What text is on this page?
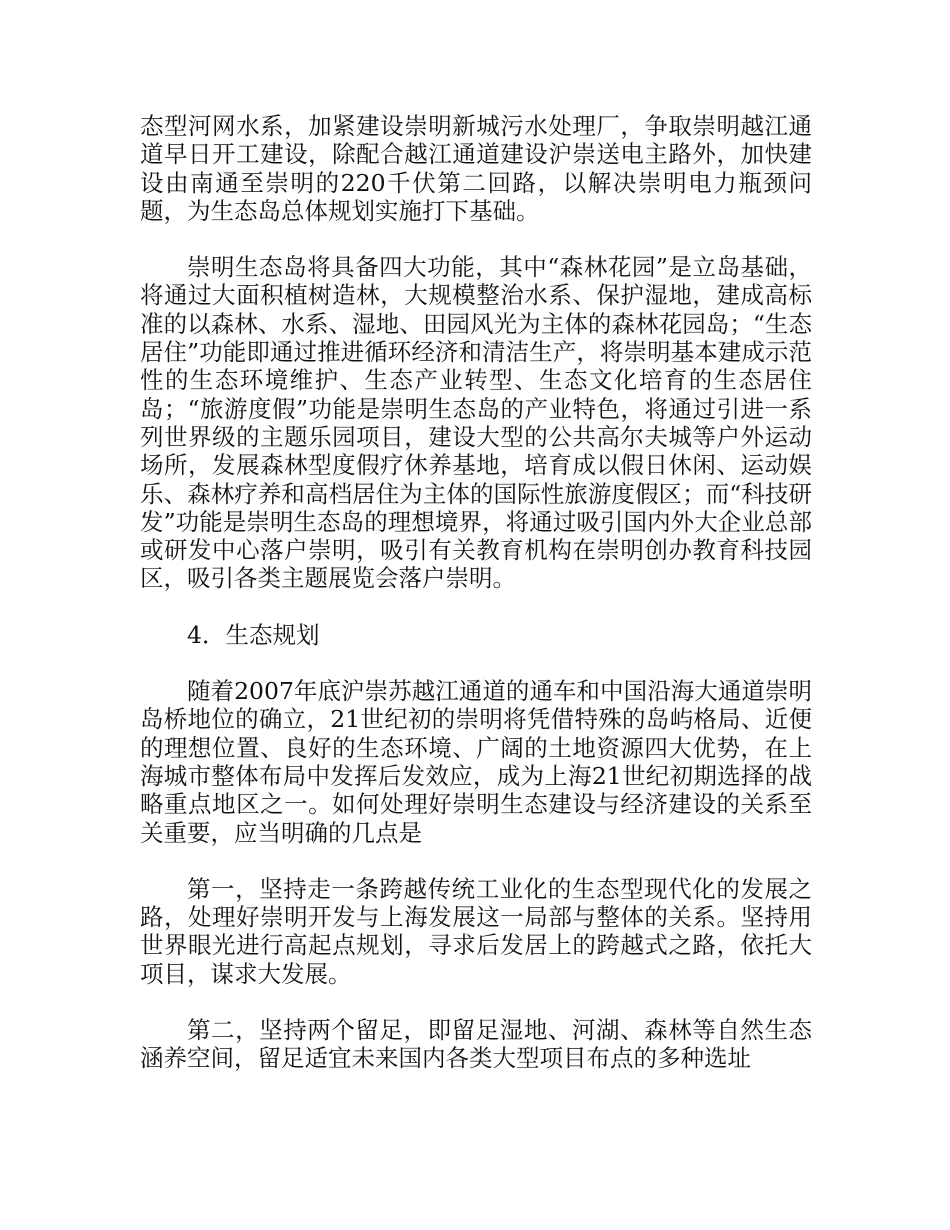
态型河网水系，加紧建设崇明新城污水处理厂，争取崇明越江通道早日开工建设，除配合越江通道建设沪崇送电主路外，加快建设由南通至崇明的220千伏第二回路，以解决崇明电力瓶颈问题，为生态岛总体规划实施打下基础。

崇明生态岛将具备四大功能，其中“森林花园”是立岛基础，将通过大面积植树造林，大规模整治水系、保护湿地，建成高标准的以森林、水系、湿地、田园风光为主体的森林花园岛；“生态居住”功能即通过推进循环经济和清洁生产，将崇明基本建成示范性的生态环境维护、生态产业转型、生态文化培育的生态居住岛；“旅游度假”功能是崇明生态岛的产业特色，将通过引进一系列世界级的主题乐园项目，建设大型的公共高尔夫城等户外运动场所，发展森林型度假疗休养基地，培育成以假日休闲、运动娱乐、森林疗养和高档居住为主体的国际性旅游度假区；而“科技研发”功能是崇明生态岛的理想境界，将通过吸引国内外大企业总部或研发中心落户崇明，吸引有关教育机构在崇明创办教育科技园区，吸引各类主题展览会落户崇明。

4．生态规划

随着2007年底沪崇苏越江通道的通车和中国沿海大通道崇明岛桥地位的确立，21世纪初的崇明将凭借特殊的岛屿格局、近便的理想位置、良好的生态环境、广阔的土地资源四大优势，在上海城市整体布局中发挥后发效应，成为上海21世纪初期选择的战略重点地区之一。如何处理好崇明生态建设与经济建设的关系至关重要，应当明确的几点是

第一，坚持走一条跨越传统工业化的生态型现代化的发展之路，处理好崇明开发与上海发展这一局部与整体的关系。坚持用世界眼光进行高起点规划，寻求后发居上的跨越式之路，依托大项目，谋求大发展。

第二，坚持两个留足，即留足湿地、河湖、森林等自然生态涵养空间，留足适宜未来国内各类大型项目布点的多种选址
